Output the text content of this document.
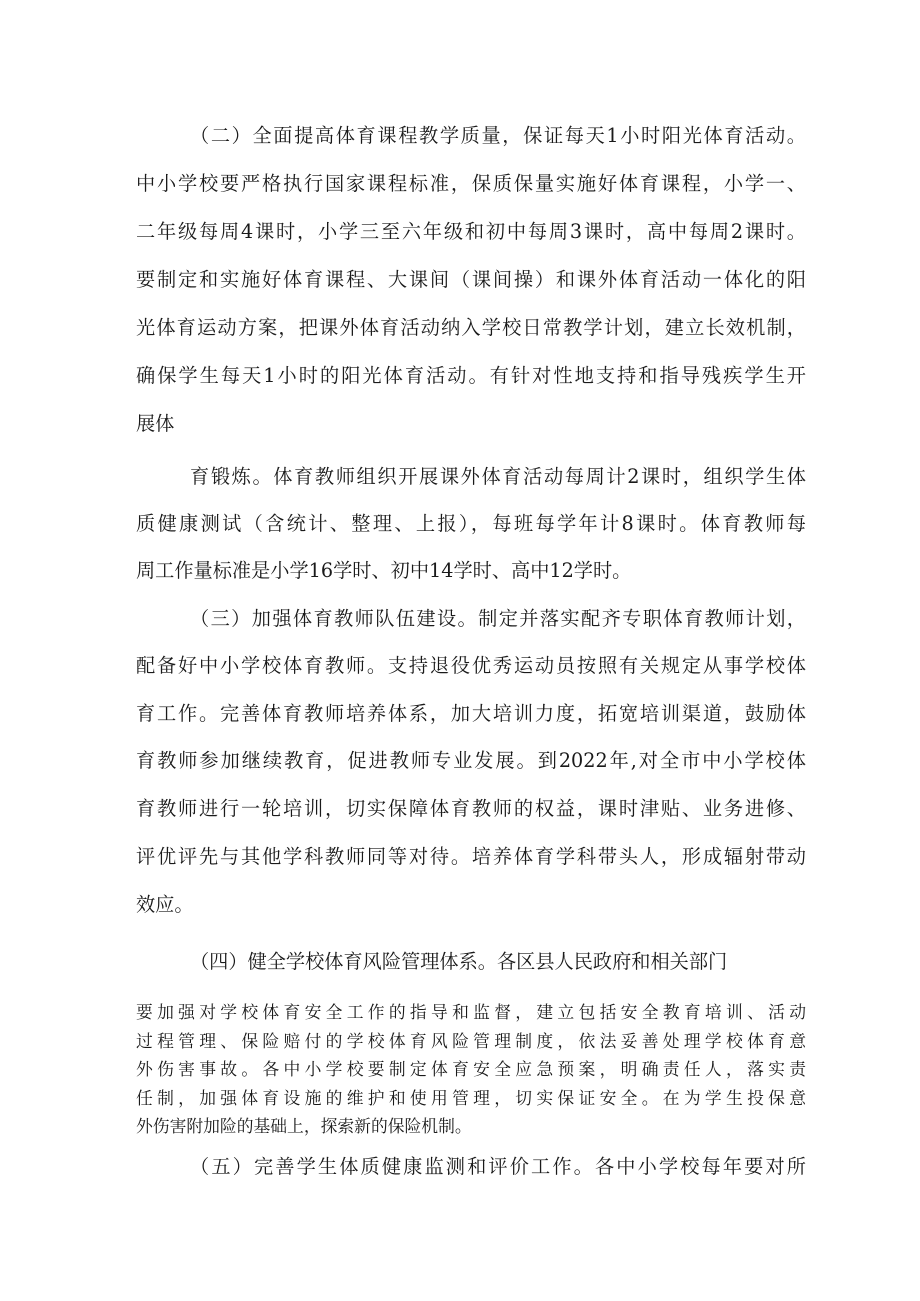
（二）全面提高体育课程教学质量，保证每天1小时阳光体育活动。

中小学校要严格执行国家课程标准，保质保量实施好体育课程，小学一、

二年级每周4课时，小学三至六年级和初中每周3课时，高中每周2课时。

要制定和实施好体育课程、大课间（课间操）和课外体育活动一体化的阳

光体育运动方案，把课外体育活动纳入学校日常教学计划，建立长效机制，

确保学生每天1小时的阳光体育活动。有针对性地支持和指导残疾学生开

展体

育锻炼。体育教师组织开展课外体育活动每周计2课时，组织学生体

质健康测试（含统计、整理、上报），每班每学年计8课时。体育教师每

周工作量标准是小学16学时、初中14学时、高中12学时。

（三）加强体育教师队伍建设。制定并落实配齐专职体育教师计划，

配备好中小学校体育教师。支持退役优秀运动员按照有关规定从事学校体

育工作。完善体育教师培养体系，加大培训力度，拓宽培训渠道，鼓励体

育教师参加继续教育，促进教师专业发展。到2022年,对全市中小学校体

育教师进行一轮培训，切实保障体育教师的权益，课时津贴、业务进修、

评优评先与其他学科教师同等对待。培养体育学科带头人，形成辐射带动

效应。

（四）健全学校体育风险管理体系。各区县人民政府和相关部门

要加强对学校体育安全工作的指导和监督，建立包括安全教育培训、活动

过程管理、保险赔付的学校体育风险管理制度，依法妥善处理学校体育意

外伤害事故。各中小学校要制定体育安全应急预案，明确责任人，落实责

任制，加强体育设施的维护和使用管理，切实保证安全。在为学生投保意

外伤害附加险的基础上，探索新的保险机制。

（五）完善学生体质健康监测和评价工作。各中小学校每年要对所
